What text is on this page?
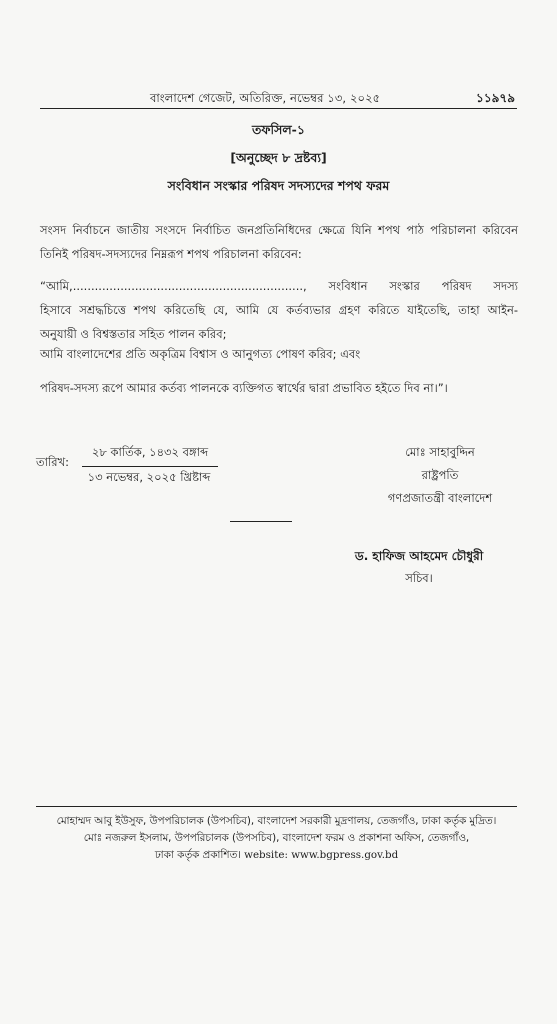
বাংলাদেশ গেজেট, অতিরিক্ত, নভেম্বর ১৩, ২০২৫	১১৯৭৯
তফসিল-১
[অনুচ্ছেদ ৮ দ্রষ্টব্য]
সংবিধান সংস্কার পরিষদ সদস্যদের শপথ ফরম
সংসদ নির্বাচনে জাতীয় সংসদে নির্বাচিত জনপ্রতিনিধিদের ক্ষেত্রে যিনি শপথ পাঠ পরিচালনা করিবেন
তিনিই পরিষদ-সদস্যদের নিম্নরূপ শপথ পরিচালনা করিবেন:
“আমি,..............................................................., সংবিধান সংস্কার পরিষদ সদস্য
হিসাবে সশ্রদ্ধচিত্তে শপথ করিতেছি যে, আমি যে কর্তব্যভার গ্রহণ করিতে যাইতেছি, তাহা আইন-
অনুযায়ী ও বিশ্বস্ততার সহিত পালন করিব;
আমি বাংলাদেশের প্রতি অকৃত্রিম বিশ্বাস ও আনুগত্য পোষণ করিব; এবং
পরিষদ-সদস্য রূপে আমার কর্তব্য পালনকে ব্যক্তিগত স্বার্থের দ্বারা প্রভাবিত হইতে দিব না।”।
তারিখ:
২৮ কার্তিক, ১৪৩২ বঙ্গাব্দ
১৩ নভেম্বর, ২০২৫ খ্রিষ্টাব্দ
মোঃ সাহাবুদ্দিন
রাষ্ট্রপতি
গণপ্রজাতন্ত্রী বাংলাদেশ
ড. হাফিজ আহমেদ চৌধুরী
সচিব।
মোহাম্মদ আবু ইউসুফ, উপপরিচালক (উপসচিব), বাংলাদেশ সরকারী মুদ্রণালয়, তেজগাঁও, ঢাকা কর্তৃক মুদ্রিত।
মোঃ নজরুল ইসলাম, উপপরিচালক (উপসচিব), বাংলাদেশ ফরম ও প্রকাশনা অফিস, তেজগাঁও,
ঢাকা কর্তৃক প্রকাশিত। website: www.bgpress.gov.bd
